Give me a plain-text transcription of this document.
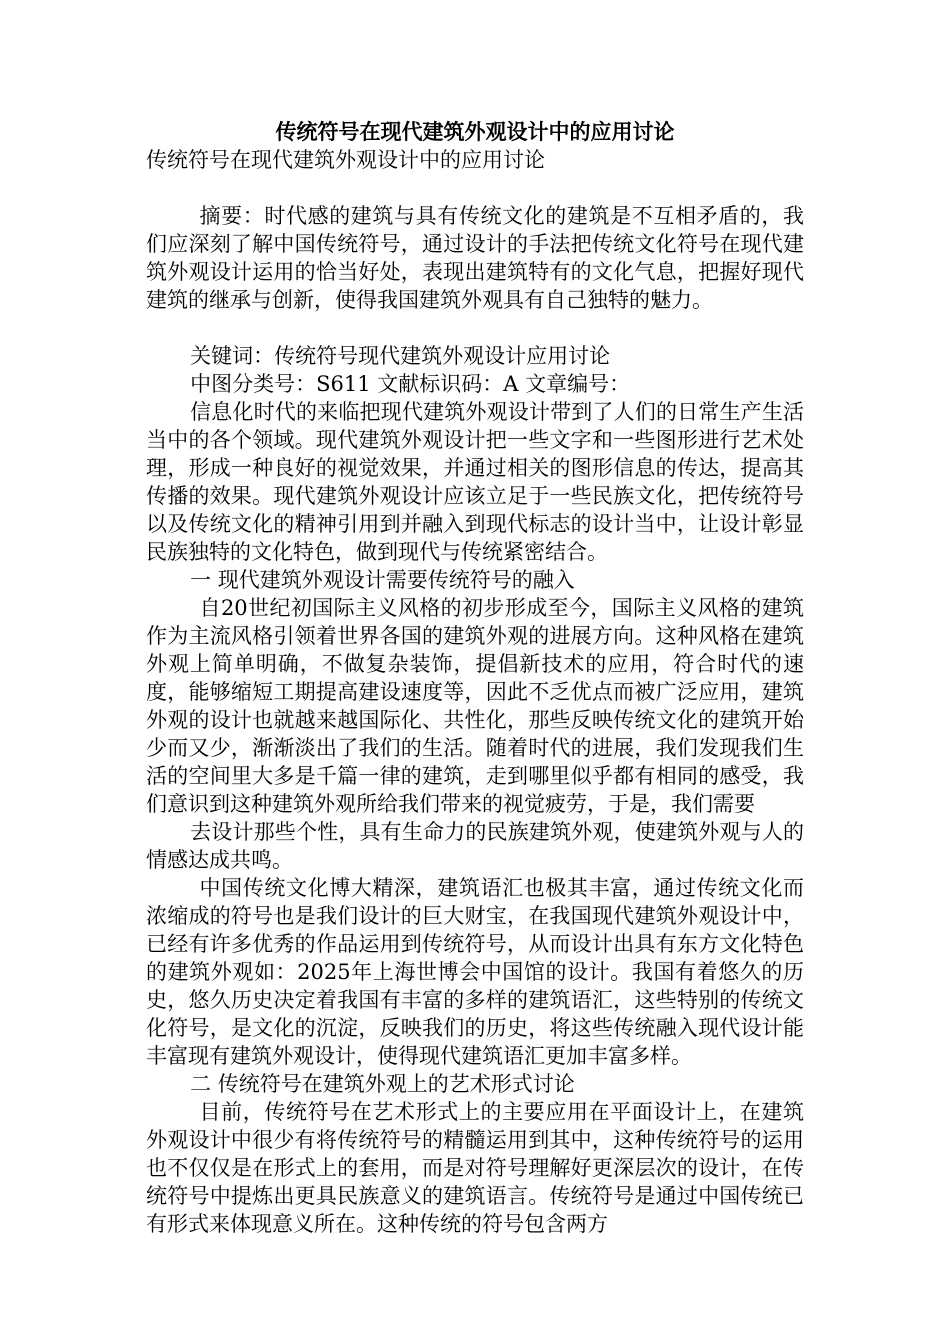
传统符号在现代建筑外观设计中的应用讨论

传统符号在现代建筑外观设计中的应用讨论

摘要：时代感的建筑与具有传统文化的建筑是不互相矛盾的，我们应深刻了解中国传统符号，通过设计的手法把传统文化符号在现代建筑外观设计运用的恰当好处，表现出建筑特有的文化气息，把握好现代建筑的继承与创新，使得我国建筑外观具有自己独特的魅力。

关键词：传统符号现代建筑外观设计应用讨论

中图分类号：S611 文献标识码：A 文章编号：

信息化时代的来临把现代建筑外观设计带到了人们的日常生产生活当中的各个领域。现代建筑外观设计把一些文字和一些图形进行艺术处理，形成一种良好的视觉效果，并通过相关的图形信息的传达，提高其传播的效果。现代建筑外观设计应该立足于一些民族文化，把传统符号以及传统文化的精神引用到并融入到现代标志的设计当中，让设计彰显民族独特的文化特色，做到现代与传统紧密结合。

一 现代建筑外观设计需要传统符号的融入

自20世纪初国际主义风格的初步形成至今，国际主义风格的建筑作为主流风格引领着世界各国的建筑外观的进展方向。这种风格在建筑外观上简单明确，不做复杂装饰，提倡新技术的应用，符合时代的速度，能够缩短工期提高建设速度等，因此不乏优点而被广泛应用，建筑外观的设计也就越来越国际化、共性化，那些反映传统文化的建筑开始少而又少，渐渐淡出了我们的生活。随着时代的进展，我们发现我们生活的空间里大多是千篇一律的建筑，走到哪里似乎都有相同的感受，我们意识到这种建筑外观所给我们带来的视觉疲劳，于是，我们需要

去设计那些个性，具有生命力的民族建筑外观，使建筑外观与人的情感达成共鸣。

中国传统文化博大精深，建筑语汇也极其丰富，通过传统文化而浓缩成的符号也是我们设计的巨大财宝，在我国现代建筑外观设计中，已经有许多优秀的作品运用到传统符号，从而设计出具有东方文化特色的建筑外观如：2025年上海世博会中国馆的设计。我国有着悠久的历史，悠久历史决定着我国有丰富的多样的建筑语汇，这些特别的传统文化符号，是文化的沉淀，反映我们的历史，将这些传统融入现代设计能丰富现有建筑外观设计，使得现代建筑语汇更加丰富多样。

二 传统符号在建筑外观上的艺术形式讨论

目前，传统符号在艺术形式上的主要应用在平面设计上，在建筑外观设计中很少有将传统符号的精髓运用到其中，这种传统符号的运用也不仅仅是在形式上的套用，而是对符号理解好更深层次的设计，在传统符号中提炼出更具民族意义的建筑语言。传统符号是通过中国传统已有形式来体现意义所在。这种传统的符号包含两方
